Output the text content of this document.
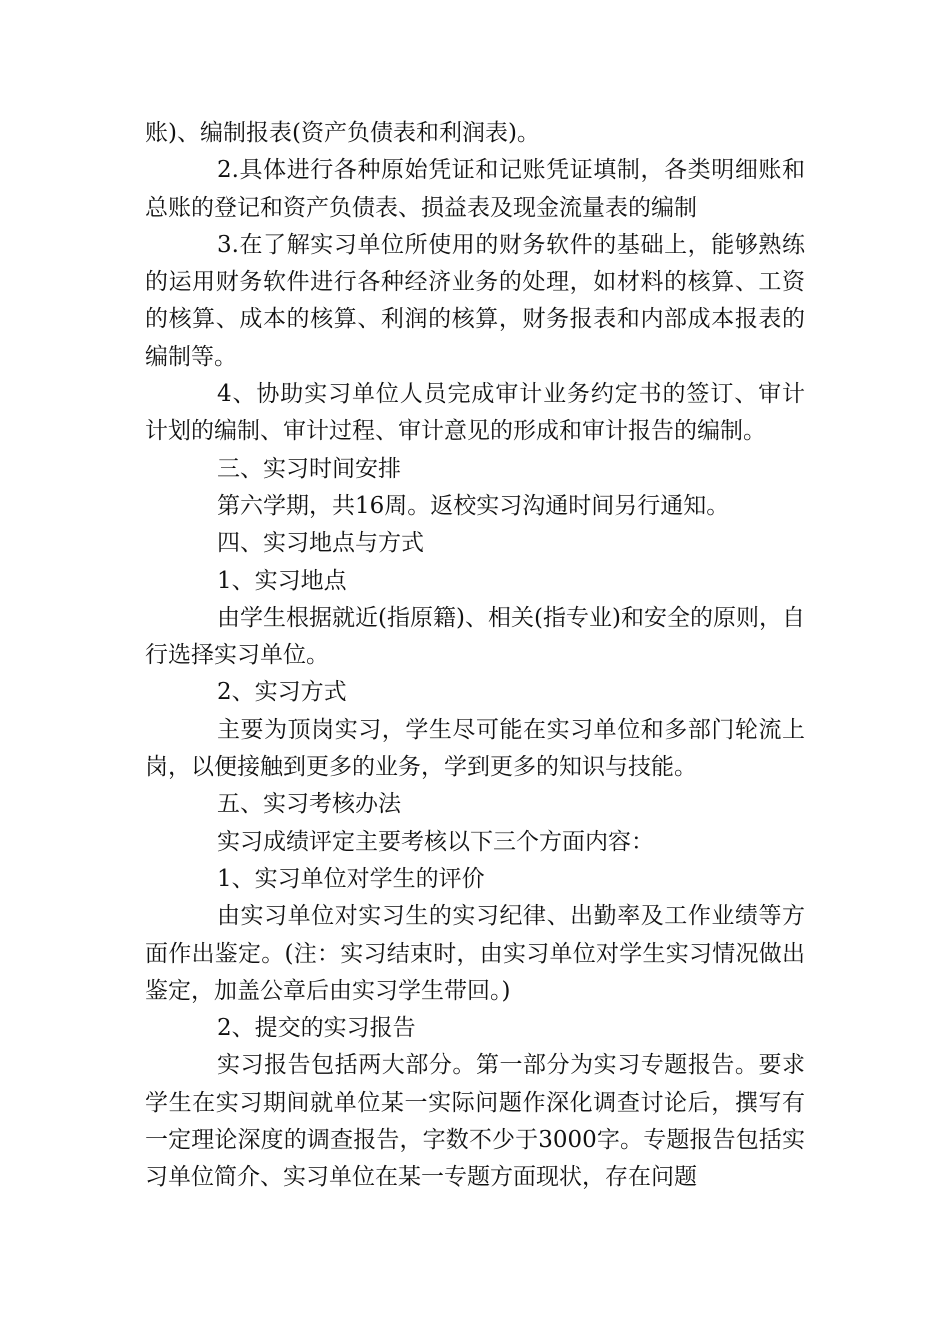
账)、编制报表(资产负债表和利润表)。

2.具体进行各种原始凭证和记账凭证填制，各类明细账和总账的登记和资产负债表、损益表及现金流量表的编制

3.在了解实习单位所使用的财务软件的基础上，能够熟练的运用财务软件进行各种经济业务的处理，如材料的核算、工资的核算、成本的核算、利润的核算，财务报表和内部成本报表的编制等。

4、协助实习单位人员完成审计业务约定书的签订、审计计划的编制、审计过程、审计意见的形成和审计报告的编制。

三、实习时间安排

第六学期，共16周。返校实习沟通时间另行通知。

四、实习地点与方式

1、实习地点

由学生根据就近(指原籍)、相关(指专业)和安全的原则，自行选择实习单位。

2、实习方式

主要为顶岗实习，学生尽可能在实习单位和多部门轮流上岗，以便接触到更多的业务，学到更多的知识与技能。

五、实习考核办法

实习成绩评定主要考核以下三个方面内容：

1、实习单位对学生的评价

由实习单位对实习生的实习纪律、出勤率及工作业绩等方面作出鉴定。(注：实习结束时，由实习单位对学生实习情况做出鉴定，加盖公章后由实习学生带回。)

2、提交的实习报告

实习报告包括两大部分。第一部分为实习专题报告。要求学生在实习期间就单位某一实际问题作深化调查讨论后，撰写有一定理论深度的调查报告，字数不少于3000字。专题报告包括实习单位简介、实习单位在某一专题方面现状，存在问题
